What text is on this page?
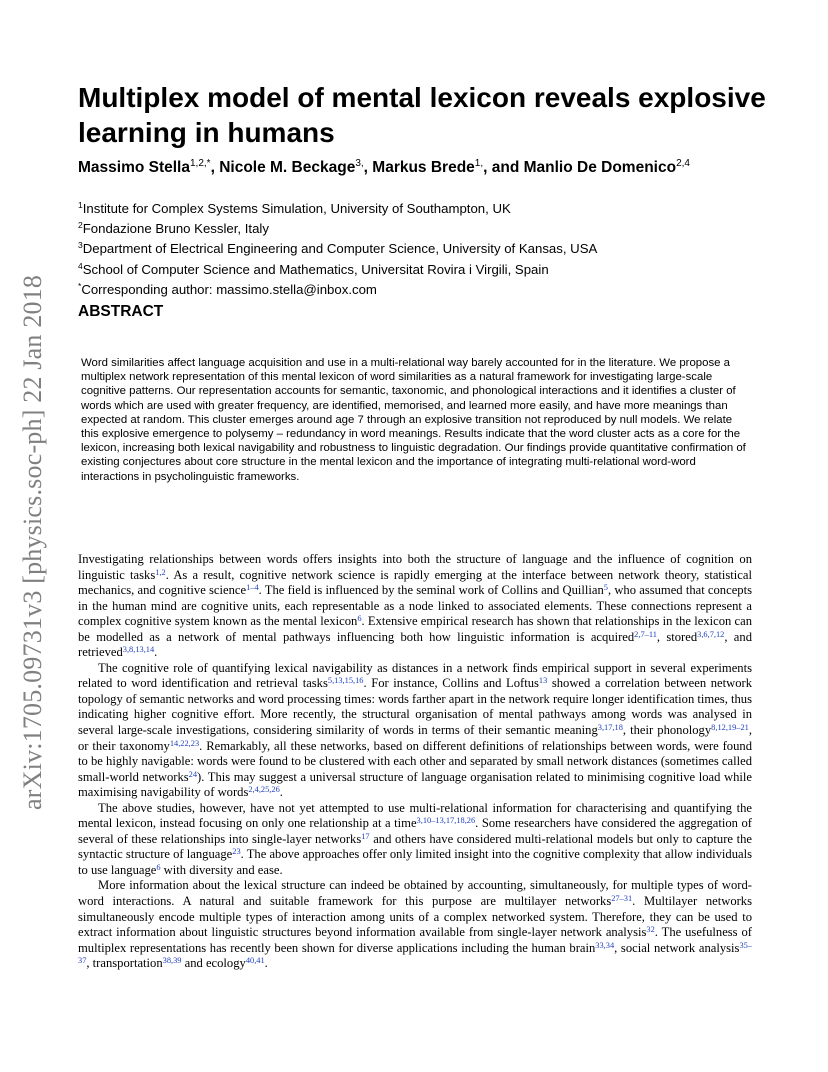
arXiv:1705.09731v3 [physics.soc-ph] 22 Jan 2018
Multiplex model of mental lexicon reveals explosive learning in humans
Massimo Stella$^{1,2,*}$, Nicole M. Beckage$^{3,}$, Markus Brede$^{1,}$, and Manlio De Domenico$^{2,4}$
$^1$Institute for Complex Systems Simulation, University of Southampton, UK
$^2$Fondazione Bruno Kessler, Italy
$^3$Department of Electrical Engineering and Computer Science, University of Kansas, USA
$^4$School of Computer Science and Mathematics, Universitat Rovira i Virgili, Spain
*Corresponding author: massimo.stella@inbox.com
ABSTRACT
Word similarities affect language acquisition and use in a multi-relational way barely accounted for in the literature. We propose a multiplex network representation of this mental lexicon of word similarities as a natural framework for investigating large-scale cognitive patterns. Our representation accounts for semantic, taxonomic, and phonological interactions and it identifies a cluster of words which are used with greater frequency, are identified, memorised, and learned more easily, and have more meanings than expected at random. This cluster emerges around age 7 through an explosive transition not reproduced by null models. We relate this explosive emergence to polysemy – redundancy in word meanings. Results indicate that the word cluster acts as a core for the lexicon, increasing both lexical navigability and robustness to linguistic degradation. Our findings provide quantitative confirmation of existing conjectures about core structure in the mental lexicon and the importance of integrating multi-relational word-word interactions in psycholinguistic frameworks.

Investigating relationships between words offers insights into both the structure of language and the influence of cognition on linguistic tasks$^{1,2}$. As a result, cognitive network science is rapidly emerging at the interface between network theory, statistical mechanics, and cognitive science$^{1-4}$. The field is influenced by the seminal work of Collins and Quillian$^5$, who assumed that concepts in the human mind are cognitive units, each representable as a node linked to associated elements. These connections represent a complex cognitive system known as the mental lexicon$^6$. Extensive empirical research has shown that relationships in the lexicon can be modelled as a network of mental pathways influencing both how linguistic information is acquired$^{2,7-11}$, stored$^{3,6,7,12}$, and retrieved$^{3,8,13,14}$.

The cognitive role of quantifying lexical navigability as distances in a network finds empirical support in several experiments related to word identification and retrieval tasks$^{5,13,15,16}$. For instance, Collins and Loftus$^{13}$ showed a correlation between network topology of semantic networks and word processing times: words farther apart in the network require longer identification times, thus indicating higher cognitive effort. More recently, the structural organisation of mental pathways among words was analysed in several large-scale investigations, considering similarity of words in terms of their semantic meaning$^{3,17,18}$, their phonology$^{8,12,19-21}$, or their taxonomy$^{14,22,23}$. Remarkably, all these networks, based on different definitions of relationships between words, were found to be highly navigable: words were found to be clustered with each other and separated by small network distances (sometimes called small-world networks$^{24}$). This may suggest a universal structure of language organisation related to minimising cognitive load while maximising navigability of words$^{2,4,25,26}$.

The above studies, however, have not yet attempted to use multi-relational information for characterising and quantifying the mental lexicon, instead focusing on only one relationship at a time$^{3,10-13,17,18,26}$. Some researchers have considered the aggregation of several of these relationships into single-layer networks$^{17}$ and others have considered multi-relational models but only to capture the syntactic structure of language$^{23}$. The above approaches offer only limited insight into the cognitive complexity that allow individuals to use language$^6$ with diversity and ease.

More information about the lexical structure can indeed be obtained by accounting, simultaneously, for multiple types of word-word interactions. A natural and suitable framework for this purpose are multilayer networks$^{27-31}$. Multilayer networks simultaneously encode multiple types of interaction among units of a complex networked system. Therefore, they can be used to extract information about linguistic structures beyond information available from single-layer network analysis$^{32}$. The usefulness of multiplex representations has recently been shown for diverse applications including the human brain$^{33,34}$, social network analysis$^{35-37}$, transportation$^{38,39}$ and ecology$^{40,41}$.
